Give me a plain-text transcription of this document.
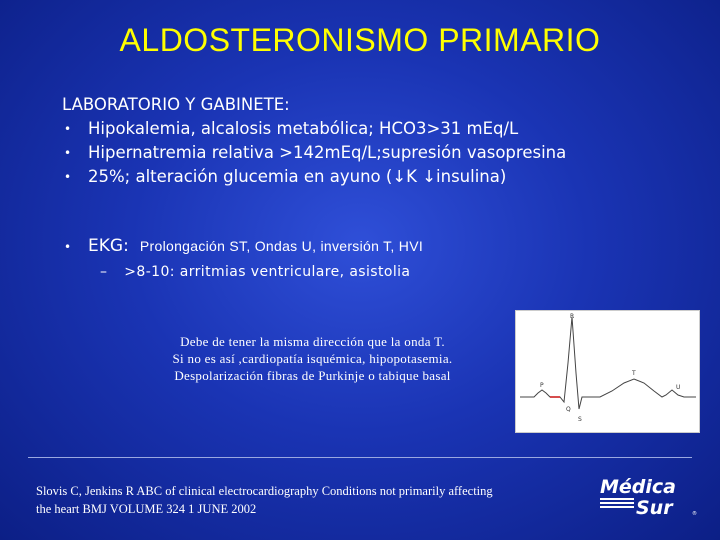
ALDOSTERONISMO PRIMARIO
LABORATORIO Y GABINETE:
• Hipokalemia, alcalosis metabólica; HCO3>31 mEq/L
• Hipernatremia relativa >142mEq/L;supresión vasopresina
• 25%; alteración glucemia en ayuno (↓K ↓insulina)
• EKG: Prolongación ST, Ondas U, inversión T, HVI
– >8-10: arritmias ventriculare, asistolia
R
P
Q
S
T
U
Debe de tener la misma dirección que la onda T.
Si no es así ,cardiopatía isquémica, hipopotasemia.
Despolarización fibras de Purkinje o tabique basal
Slovis C, Jenkins R ABC of clinical electrocardiography Conditions not primarily affecting
the heart BMJ VOLUME 324 1 JUNE 2002
Médica
Sur	®
